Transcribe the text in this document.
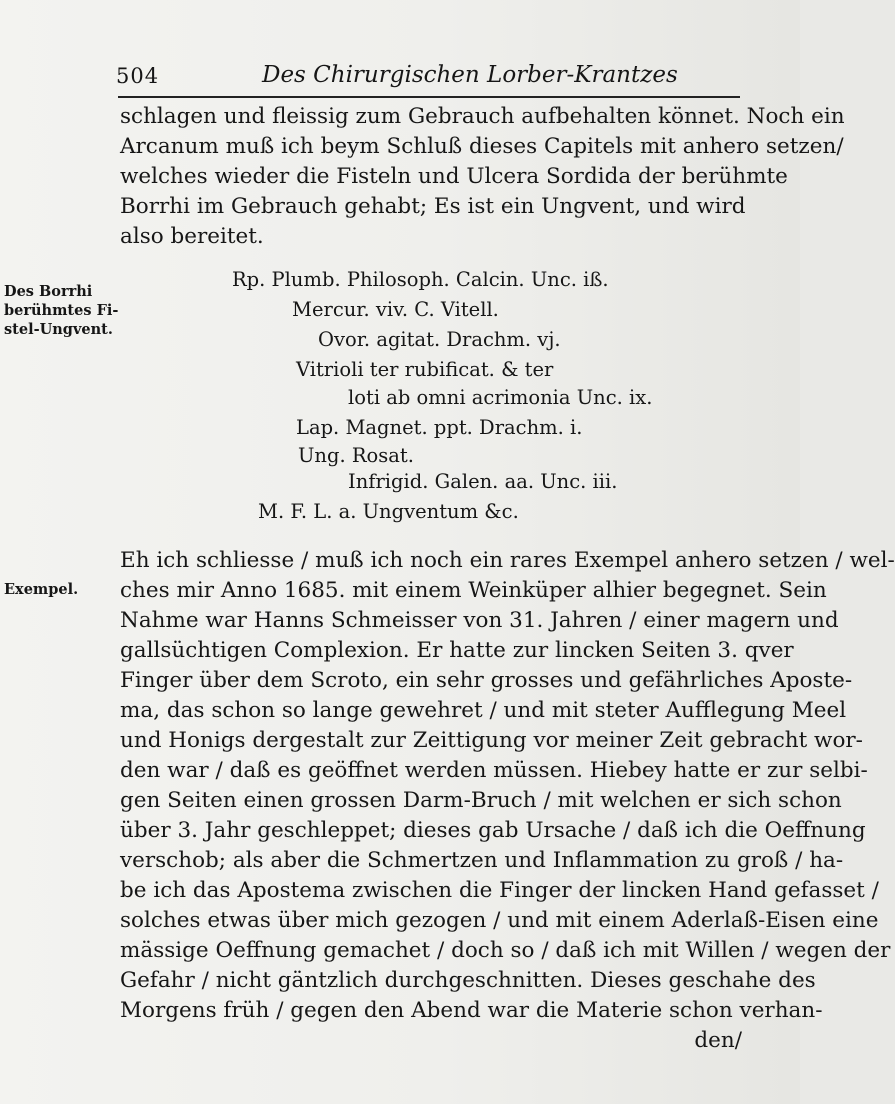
504	Des Chirurgischen Lorber-Krantzes
schlagen und fleissig zum Gebrauch aufbehalten könnet. Noch ein
Arcanum muß ich beym Schluß dieses Capitels mit anhero setzen/
welches wieder die Fisteln und Ulcera Sordida der berühmte
Borrhi im Gebrauch gehabt; Es ist ein Ungvent, und wird
also bereitet.
Des Borrhi
berühmtes Fi-
stel-Ungvent.
Rp. Plumb. Philosoph. Calcin. Unc. iß.
Mercur. viv. C. Vitell.
Ovor. agitat. Drachm. vj.
Vitrioli ter rubificat. & ter
loti ab omni acrimonia Unc. ix.
Lap. Magnet. ppt. Drachm. i.
Ung. Rosat.
Infrigid. Galen. aa. Unc. iii.
M. F. L. a. Ungventum &c.
Exempel.
Eh ich schliesse / muß ich noch ein rares Exempel anhero setzen / wel-
ches mir Anno 1685. mit einem Weinküper alhier begegnet. Sein
Nahme war Hanns Schmeisser von 31. Jahren / einer magern und
gallsüchtigen Complexion. Er hatte zur lincken Seiten 3. qver
Finger über dem Scroto, ein sehr grosses und gefährliches Aposte-
ma, das schon so lange gewehret / und mit steter Aufflegung Meel
und Honigs dergestalt zur Zeittigung vor meiner Zeit gebracht wor-
den war / daß es geöffnet werden müssen. Hiebey hatte er zur selbi-
gen Seiten einen grossen Darm-Bruch / mit welchen er sich schon
über 3. Jahr geschleppet; dieses gab Ursache / daß ich die Oeffnung
verschob; als aber die Schmertzen und Inflammation zu groß / ha-
be ich das Apostema zwischen die Finger der lincken Hand gefasset /
solches etwas über mich gezogen / und mit einem Aderlaß-Eisen eine
mässige Oeffnung gemachet / doch so / daß ich mit Willen / wegen der
Gefahr / nicht gäntzlich durchgeschnitten. Dieses geschahe des
Morgens früh / gegen den Abend war die Materie schon verhan-
den/
